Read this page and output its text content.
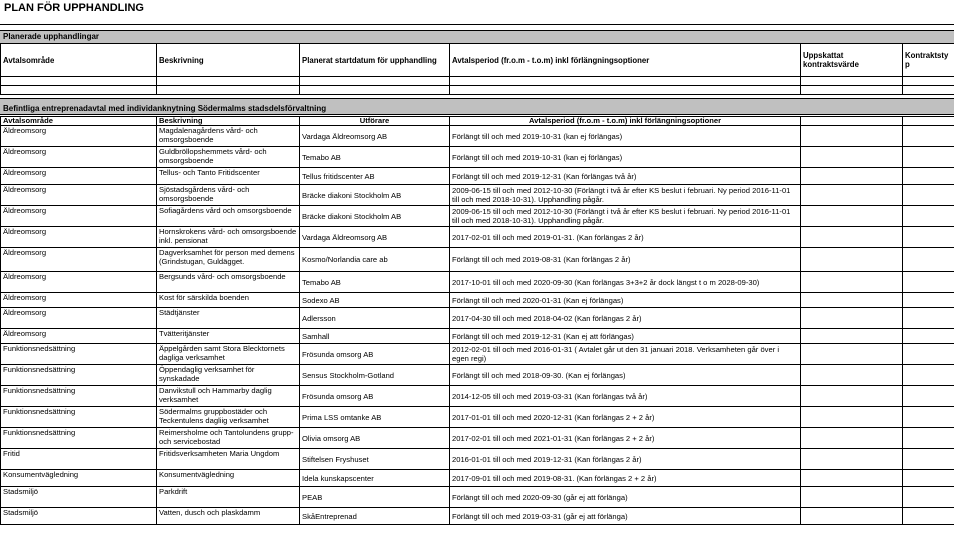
PLAN FÖR UPPHANDLING
Planerade upphandlingar
Avtalsområde	Beskrivning	Planerat startdatum för upphandling	Avtalsperiod (fr.o.m - t.o.m) inkl förlängningsoptioner	Uppskattat kontraktsvärde	Kontraktstyp

Befintliga entreprenadavtal med individanknytning Södermalms stadsdelsförvaltning
Avtalsområde	Beskrivning	Utförare	Avtalsperiod (fr.o.m - t.o.m) inkl förlängningsoptioner		
Äldreomsorg	Magdalenagårdens vård- och omsorgsboende	Vardaga Äldreomsorg AB	Förlängt till och med 2019-10-31 (kan ej förlängas)		
Äldreomsorg	Guldbröllopshemmets vård- och omsorgsboende	Temabo AB	Förlängt till och med 2019-10-31 (kan ej förlängas)		
Äldreomsorg	Tellus- och Tanto Fritidscenter	Tellus fritidscenter AB	Förlängt till och med 2019-12-31 (Kan förlängas två år)		
Äldreomsorg	Sjöstadsgårdens vård- och omsorgsboende	Bräcke diakoni Stockholm AB	2009-06-15 till och med 2012-10-30 (Förlängt i två år efter KS beslut i februari. Ny period 2016-11-01 till och med 2018-10-31). Upphandling pågår.		
Äldreomsorg	Sofiagårdens vård och omsorgsboende	Bräcke diakoni Stockholm AB	2009-06-15 till och med 2012-10-30 (Förlängt i två år efter KS beslut i februari. Ny period 2016-11-01 till och med 2018-10-31). Upphandling pågår.		
Äldreomsorg	Hornskrokens vård- och omsorgsboende inkl. pensionat	Vardaga Äldreomsorg AB	2017-02-01 till och med 2019-01-31. (Kan förlängas 2 år)		
Äldreomsorg	Dagverksamhet för person med demens (Grindstugan, Guldägget.	Kosmo/Norlandia care ab	Förlängt till och med 2019-08-31 (Kan förlängas 2 år)		
Äldreomsorg	Bergsunds vård- och omsorgsboende	Temabo AB	2017-10-01 till och med 2020-09-30 (Kan förlängas 3+3+2 år dock längst t o m 2028-09-30)		
Äldreomsorg	Kost för särskilda boenden	Sodexo AB	Förlängt till och med 2020-01-31 (Kan ej förlängas)		
Äldreomsorg	Städtjänster	Adlersson	2017-04-30 till och med 2018-04-02 (Kan förlängas 2 år)		
Äldreomsorg	Tvätteritjänster	Samhall	Förlängt till och med 2019-12-31 (Kan ej att förlängas)		
Funktionsnedsättning	Äppelgården samt Stora Blecktornets dagliga verksamhet	Frösunda omsorg AB	2012-02-01 till och med 2016-01-31 ( Avtalet går ut den 31 januari 2018. Verksamheten går över i egen regi)		
Funktionsnedsättning	Öppendaglig verksamhet för synskadade	Sensus Stockholm-Gotland	Förlängt till och med 2018-09-30. (Kan ej förlängas)		
Funktionsnedsättning	Danvikstull och Hammarby daglig verksamhet	Frösunda omsorg AB	2014-12-05 till och med 2019-03-31 (Kan förlängas två år)		
Funktionsnedsättning	Södermalms gruppbostäder och Teckentulens dagliig verksamhet	Prima LSS omtanke AB	2017-01-01 till och med 2020-12-31 (Kan förlängas 2 + 2 år)		
Funktionsnedsättning	Reimersholme och Tantolundens grupp- och servicebostad	Olivia omsorg AB	2017-02-01 till och med 2021-01-31 (Kan förlängas 2 + 2 år)		
Fritid	Fritidsverksamheten Maria Ungdom	Stiftelsen Fryshuset	2016-01-01 till och med 2019-12-31 (Kan förlängas 2 år)		
Konsumentvägledning	Konsumentvägledning	Idela kunskapscenter	2017-09-01 till och med 2019-08-31. (Kan förlängas 2 + 2 år)		
Stadsmiljö	Parkdrift	PEAB	Förlängt till och med 2020-09-30 (går ej att förlänga)		
Stadsmiljö	Vatten, dusch och plaskdamm	SkåEntreprenad	Förlängt till och med 2019-03-31 (går ej att förlänga)		
